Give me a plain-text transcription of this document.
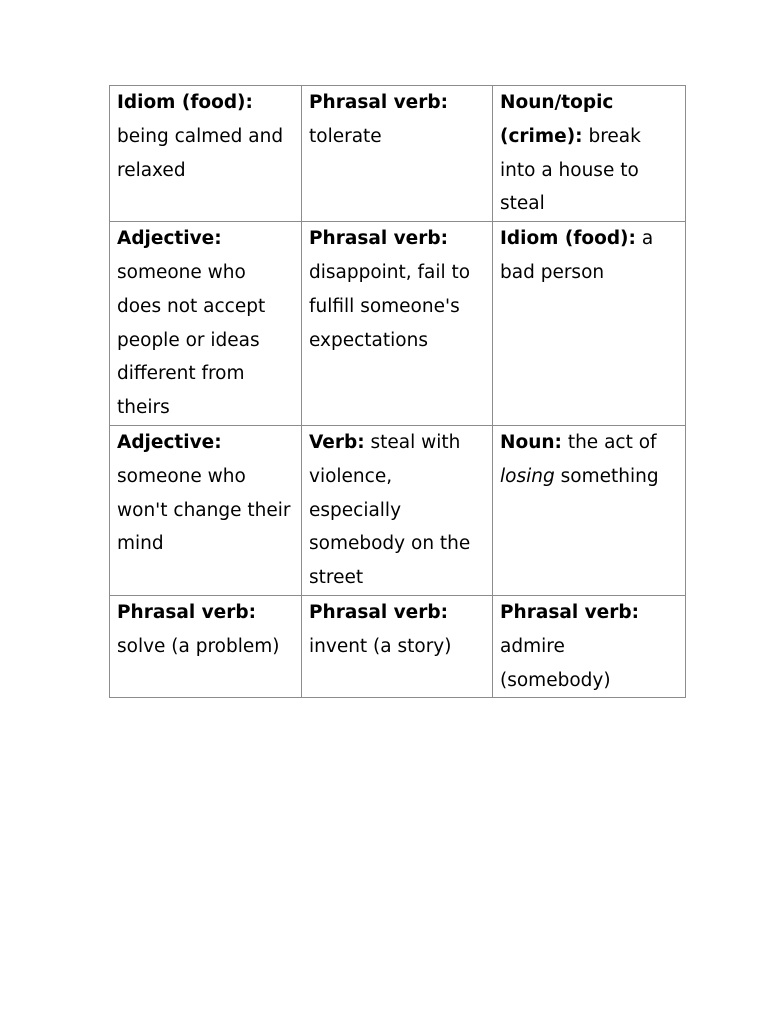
Idiom (food): being calmed and relaxed	Phrasal verb: tolerate	Noun/topic (crime): break into a house to steal
Adjective: someone who does not accept people or ideas different from theirs	Phrasal verb: disappoint, fail to fulfill someone's expectations	Idiom (food): a bad person
Adjective: someone who won't change their mind	Verb: steal with violence, especially somebody on the street	Noun: the act of losing something
Phrasal verb: solve (a problem)	Phrasal verb: invent (a story)	Phrasal verb: admire (somebody)
